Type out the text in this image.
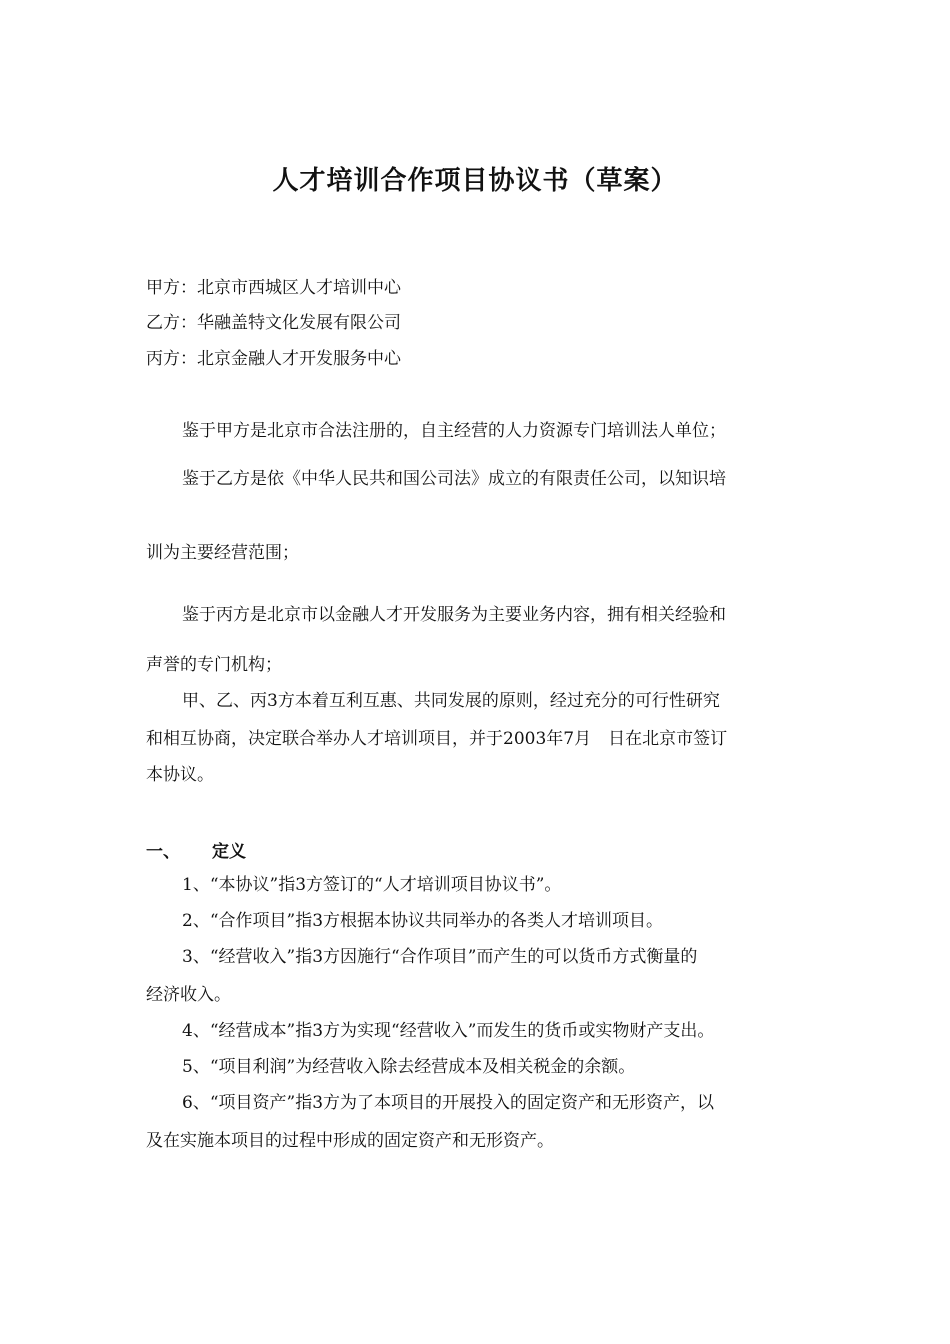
人才培训合作项目协议书（草案）
甲方：北京市西城区人才培训中心
乙方：华融盖特文化发展有限公司
丙方：北京金融人才开发服务中心
鉴于甲方是北京市合法注册的，自主经营的人力资源专门培训法人单位；
鉴于乙方是依《中华人民共和国公司法》成立的有限责任公司，以知识培
训为主要经营范围；
鉴于丙方是北京市以金融人才开发服务为主要业务内容，拥有相关经验和
声誉的专门机构；
甲、乙、丙3方本着互利互惠、共同发展的原则，经过充分的可行性研究
和相互协商，决定联合举办人才培训项目，并于2003年7月　日在北京市签订
本协议。
一、 定义
1、“本协议”指3方签订的“人才培训项目协议书”。
2、“合作项目”指3方根据本协议共同举办的各类人才培训项目。
3、“经营收入”指3方因施行“合作项目”而产生的可以货币方式衡量的
经济收入。
4、“经营成本”指3方为实现“经营收入”而发生的货币或实物财产支出。
5、“项目利润”为经营收入除去经营成本及相关税金的余额。
6、“项目资产”指3方为了本项目的开展投入的固定资产和无形资产，以
及在实施本项目的过程中形成的固定资产和无形资产。
